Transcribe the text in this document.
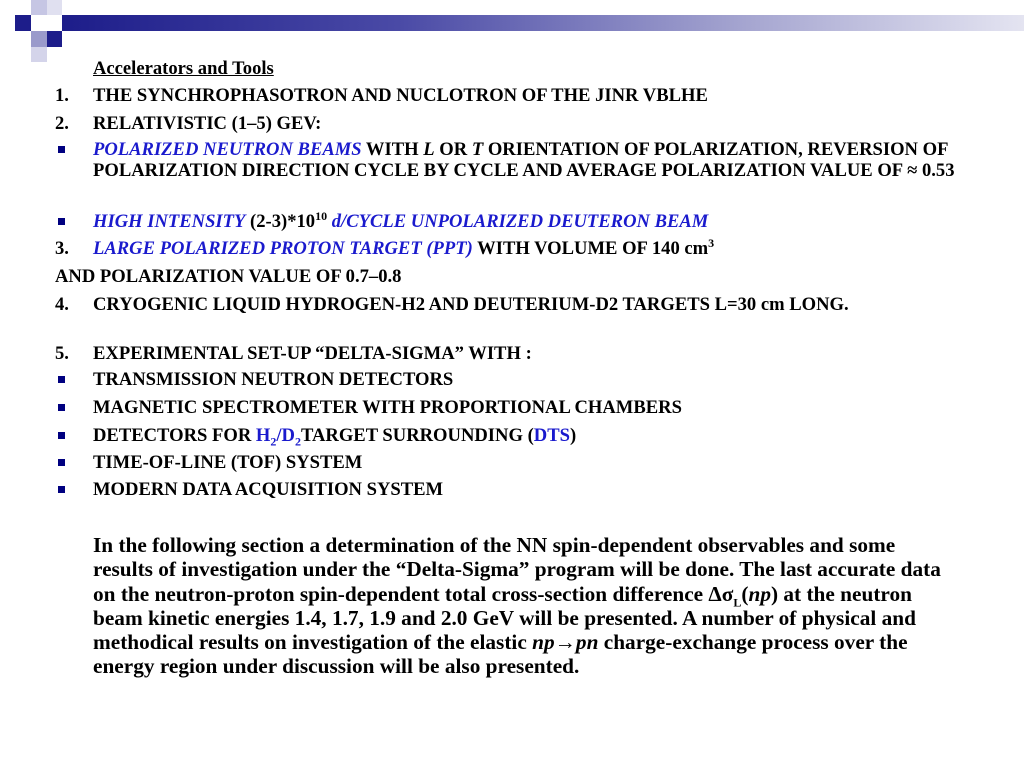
Accelerators and Tools
1.	THE SYNCHROPHASOTRON AND NUCLOTRON OF THE JINR VBLHE
2.	RELATIVISTIC (1–5) GEV:
POLARIZED NEUTRON BEAMS WITH L OR T ORIENTATION OF POLARIZATION, REVERSION OF POLARIZATION DIRECTION CYCLE BY CYCLE AND AVERAGE POLARIZATION VALUE OF ≈ 0.53
HIGH INTENSITY $(2-3)*10^{10}$ d/CYCLE UNPOLARIZED DEUTERON BEAM
3.	LARGE POLARIZED PROTON TARGET (PPT) WITH VOLUME OF 140 $cm^3$
AND POLARIZATION VALUE OF 0.7–0.8
4.	CRYOGENIC LIQUID HYDROGEN-H2 AND DEUTERIUM-D2 TARGETS L=30 cm LONG.
5.	EXPERIMENTAL SET-UP “DELTA-SIGMA” WITH :
TRANSMISSION NEUTRON DETECTORS
MAGNETIC SPECTROMETER WITH PROPORTIONAL CHAMBERS
DETECTORS FOR $H_2/D_2TARGET$ SURROUNDING (DTS)
TIME-OF-LINE (TOF) SYSTEM
MODERN DATA ACQUISITION SYSTEM
In the following section a determination of the NN spin-dependent observables and some results of investigation under the “Delta-Sigma” program will be done. The last accurate data on the neutron-proton spin-dependent total cross-section difference $\Delta\sigma_L(np)$ at the neutron beam kinetic energies 1.4, 1.7, 1.9 and 2.0 GeV will be presented. A number of physical and methodical results on investigation of the elastic np→pn charge-exchange process over the energy region under discussion will be also presented.
